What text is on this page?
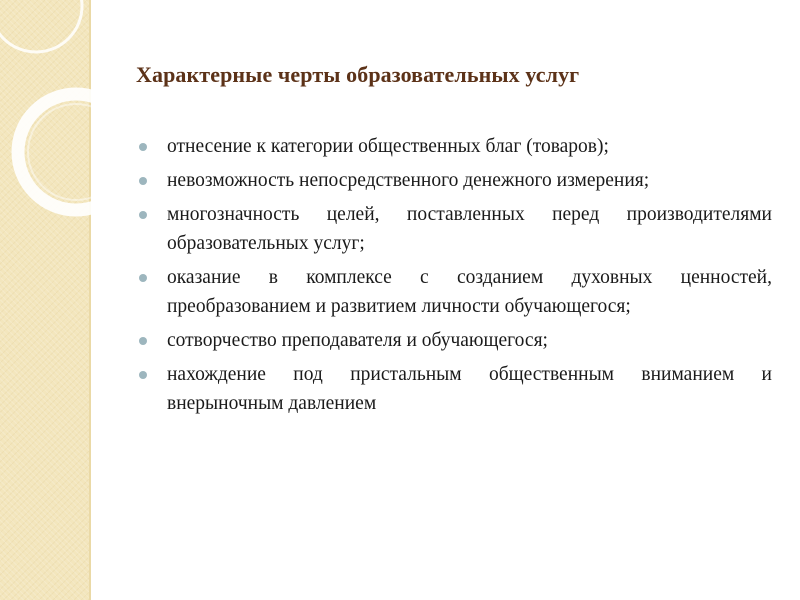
Характерные черты образовательных услуг
отнесение к категории общественных благ (товаров);
невозможность непосредственного денежного измерения;
многозначность целей, поставленных перед производителями образовательных услуг;
оказание в комплексе с созданием духовных ценностей, преобразованием и развитием личности обучающегося;
сотворчество преподавателя и обучающегося;
нахождение под пристальным общественным вниманием и внерыночным давлением
